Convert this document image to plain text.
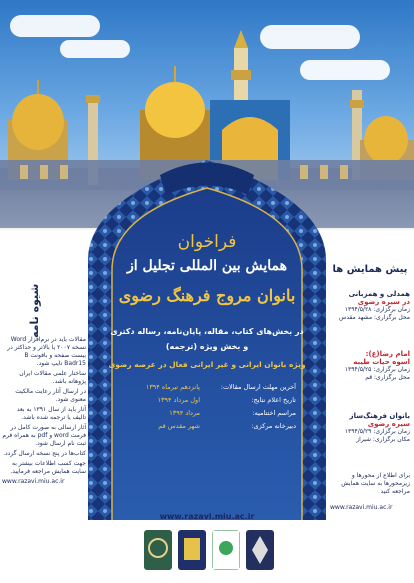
فراخوان
همایش بین المللی تجلیل از
بانوان مروج فرهنگ رضوی
در بخش‌های کتاب، مقاله، پایان‌نامه، رساله دکتری
و بخش ویژه (ترجمه)
ویژه بانوان ایرانی و غیر ایرانی فعال در عرصه رضوی
آخرین مهلت ارسال مقالات:
تاریخ اعلام نتایج:
مراسم اختتامیه:
دبیرخانه مرکزی:
پانزدهم تیرماه ۱۳۹۴
اول مرداد ۱۳۹۴
مرداد ۱۳۹۴
شهر مقدس قم
www.razavi.miu.ac.ir
شیوه نامه

مقالات باید در نرم‌افزار Word نسخه ۲۰۰۷ یا بالاتر و حداکثر در بیست صفحه و بافونت B Badr15 تایپ شود.

ساختار علمی مقالات ایران پژوهانه باشد.

در ارسال آثار رعایت مالکیت معنوی شود.

آثار باید از سال ۱۳۹۱ به بعد تالیف یا ترجمه شده باشد.

آثار ارسالی به صورت کامل در فرمت word و pdf به همراه فرم ثبت نام ارسال شود.

کتاب‌ها در پنج نسخه ارسال گردد.

جهت کسب اطلاعات بیشتر به سایت همایش مراجعه فرمایید.

www.razavi.miu.ac.ir

پیش همایش ها
همدلی و همزبانی
در سیره رضوی
زمان برگزاری: ۱۳۹۴/۵/۲۸
محل برگزاری: مشهد مقدس
امام رضا(ع):
اسوه حیات طیبه
زمان برگزاری: ۱۳۹۴/۵/۲۵
محل برگزاری: قم
بانوان فرهنگ‌ساز
سیره رضوی
زمان برگزاری: ۱۳۹۴/۵/۲۹
مکان برگزاری: شیراز
برای اطلاع از محورها و زیرمحورها به سایت همایش مراجعه کنید
www.razavi.miu.ac.ir
